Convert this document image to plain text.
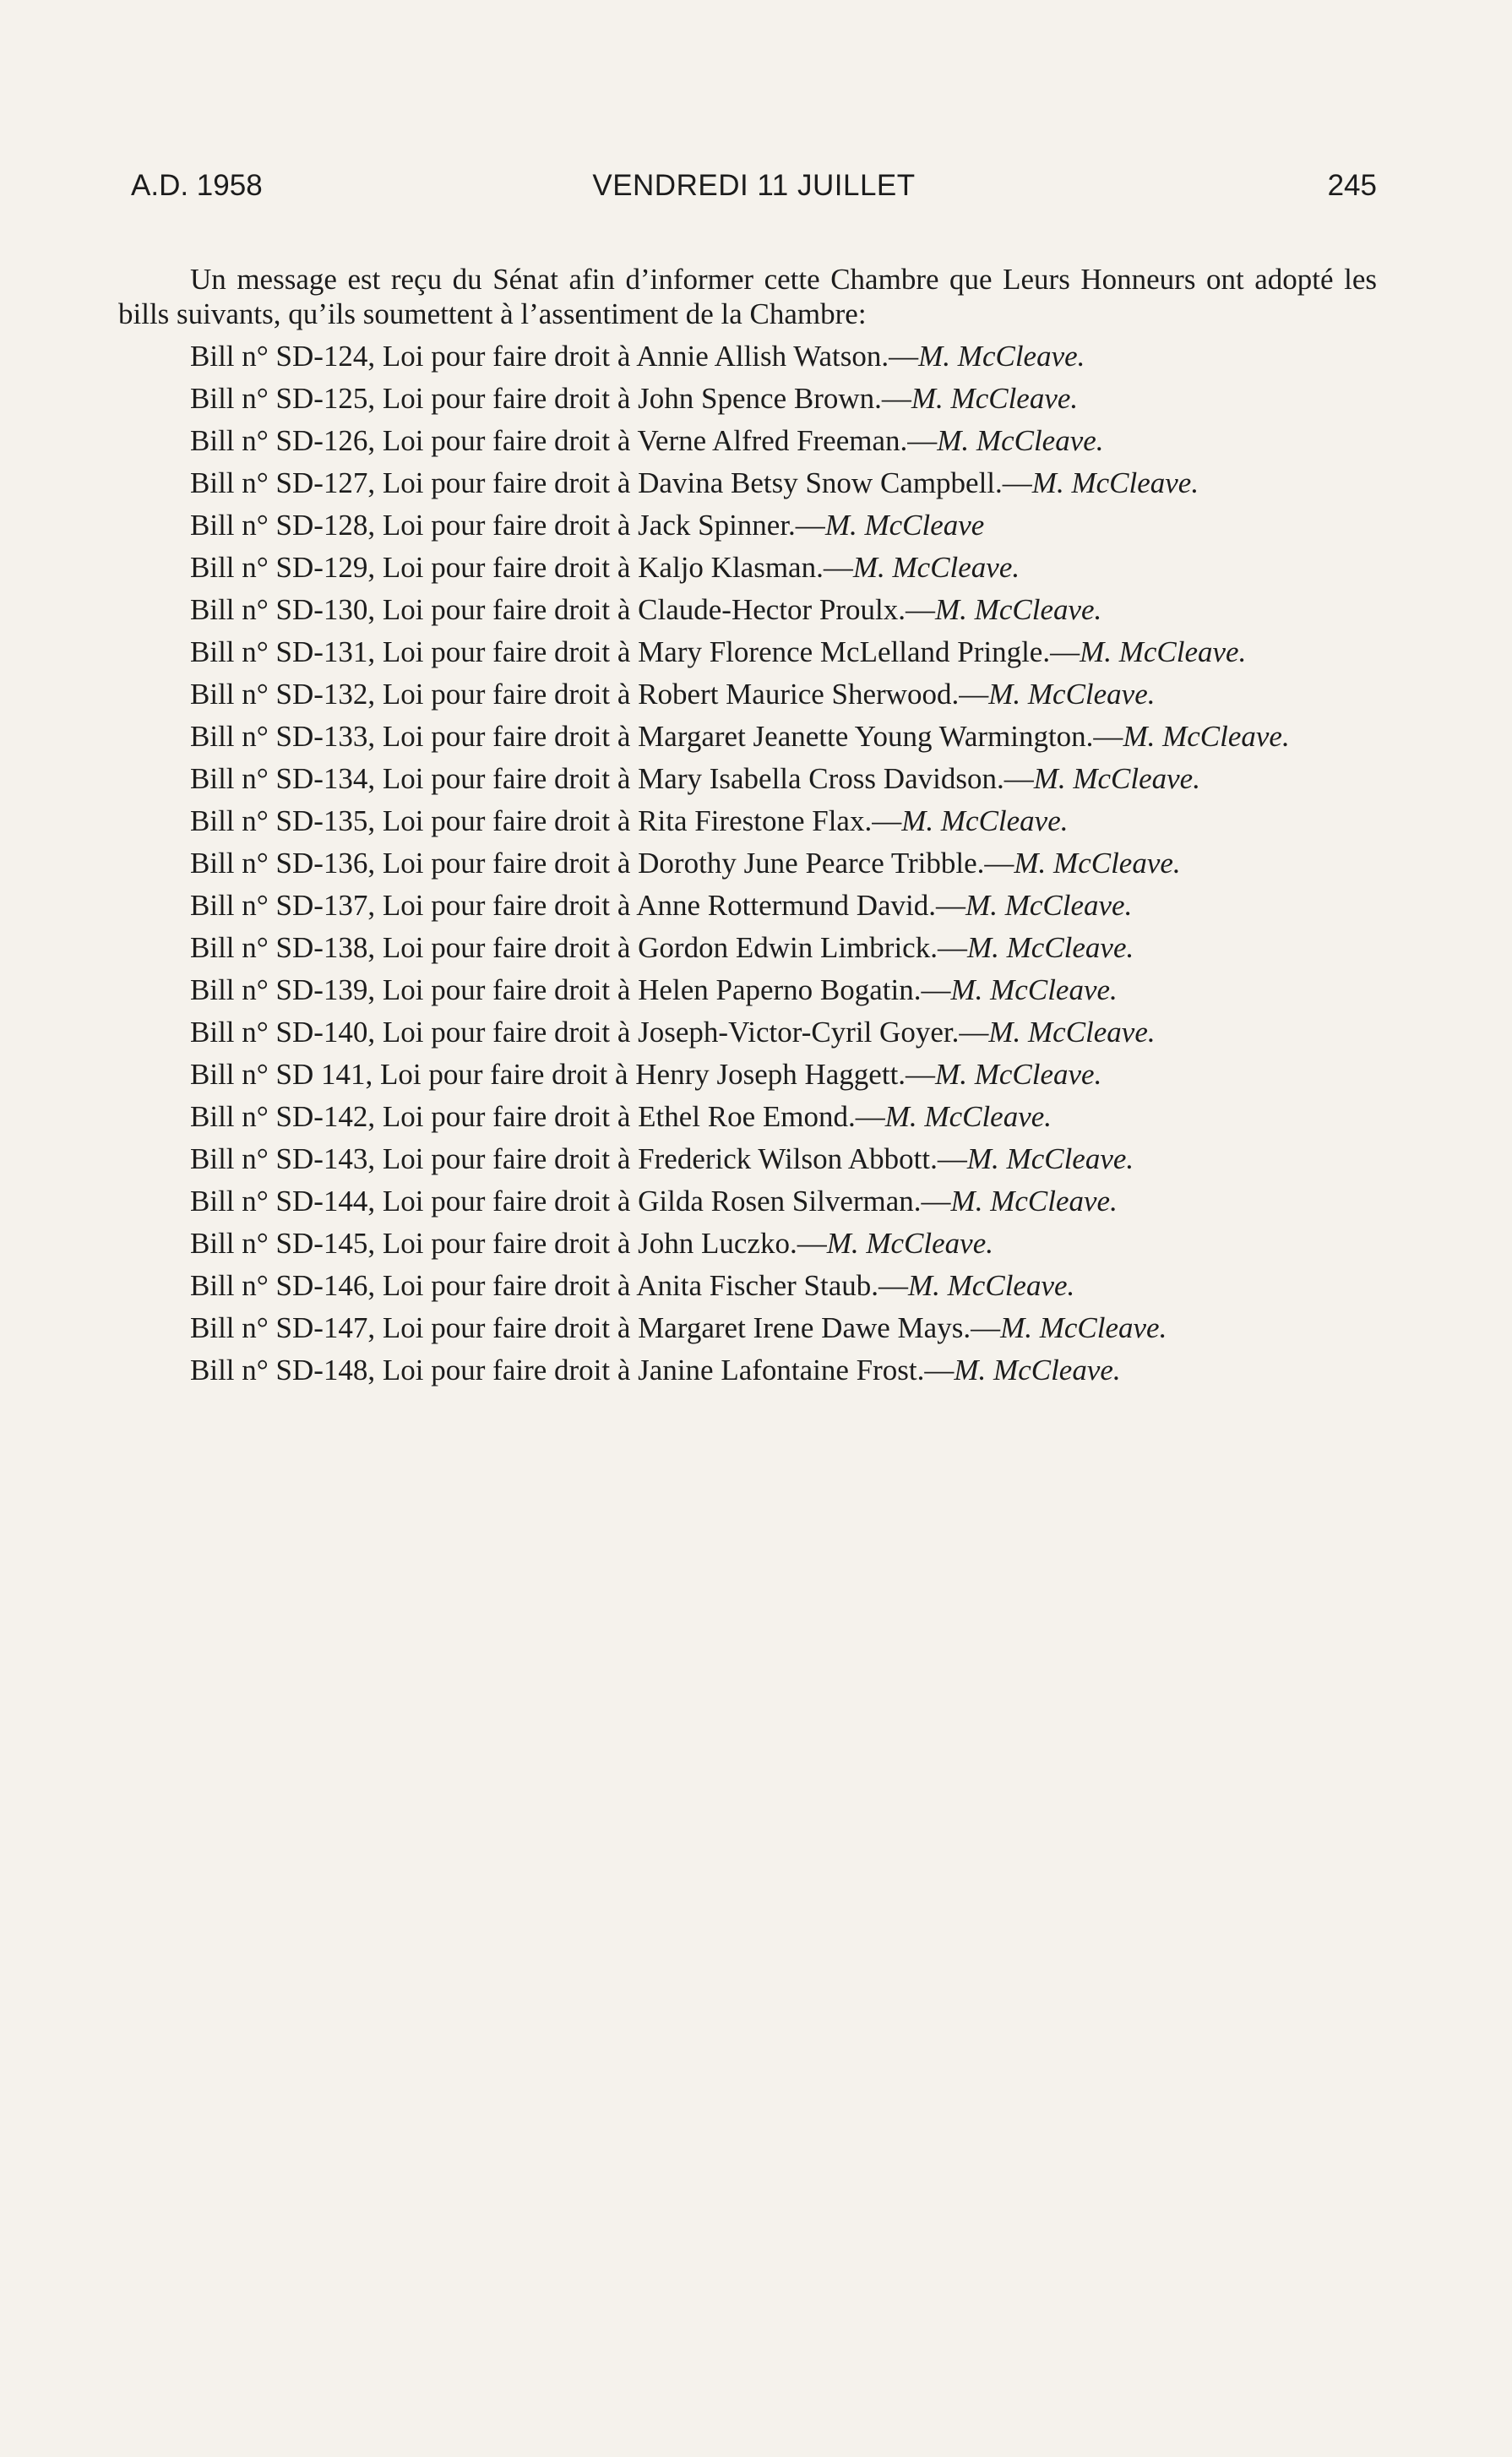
A.D. 1958	VENDREDI 11 JUILLET	245

Un message est reçu du Sénat afin d’informer cette Chambre que Leurs Honneurs ont adopté les bills suivants, qu’ils soumettent à l’assentiment de la Chambre:

Bill n° SD-124, Loi pour faire droit à Annie Allish Watson.—M. McCleave.

Bill n° SD-125, Loi pour faire droit à John Spence Brown.—M. McCleave.

Bill n° SD-126, Loi pour faire droit à Verne Alfred Freeman.—M. McCleave.

Bill n° SD-127, Loi pour faire droit à Davina Betsy Snow Campbell.—M. McCleave.

Bill n° SD-128, Loi pour faire droit à Jack Spinner.—M. McCleave

Bill n° SD-129, Loi pour faire droit à Kaljo Klasman.—M. McCleave.

Bill n° SD-130, Loi pour faire droit à Claude-Hector Proulx.—M. McCleave.

Bill n° SD-131, Loi pour faire droit à Mary Florence McLelland Pringle.—M. McCleave.

Bill n° SD-132, Loi pour faire droit à Robert Maurice Sherwood.—M. McCleave.

Bill n° SD-133, Loi pour faire droit à Margaret Jeanette Young Warmington.—M. McCleave.

Bill n° SD-134, Loi pour faire droit à Mary Isabella Cross Davidson.—M. McCleave.

Bill n° SD-135, Loi pour faire droit à Rita Firestone Flax.—M. McCleave.

Bill n° SD-136, Loi pour faire droit à Dorothy June Pearce Tribble.—M. McCleave.

Bill n° SD-137, Loi pour faire droit à Anne Rottermund David.—M. McCleave.

Bill n° SD-138, Loi pour faire droit à Gordon Edwin Limbrick.—M. McCleave.

Bill n° SD-139, Loi pour faire droit à Helen Paperno Bogatin.—M. McCleave.

Bill n° SD-140, Loi pour faire droit à Joseph-Victor-Cyril Goyer.—M. McCleave.

Bill n° SD 141, Loi pour faire droit à Henry Joseph Haggett.—M. McCleave.

Bill n° SD-142, Loi pour faire droit à Ethel Roe Emond.—M. McCleave.

Bill n° SD-143, Loi pour faire droit à Frederick Wilson Abbott.—M. McCleave.

Bill n° SD-144, Loi pour faire droit à Gilda Rosen Silverman.—M. McCleave.

Bill n° SD-145, Loi pour faire droit à John Luczko.—M. McCleave.

Bill n° SD-146, Loi pour faire droit à Anita Fischer Staub.—M. McCleave.

Bill n° SD-147, Loi pour faire droit à Margaret Irene Dawe Mays.—M. McCleave.

Bill n° SD-148, Loi pour faire droit à Janine Lafontaine Frost.—M. McCleave.
